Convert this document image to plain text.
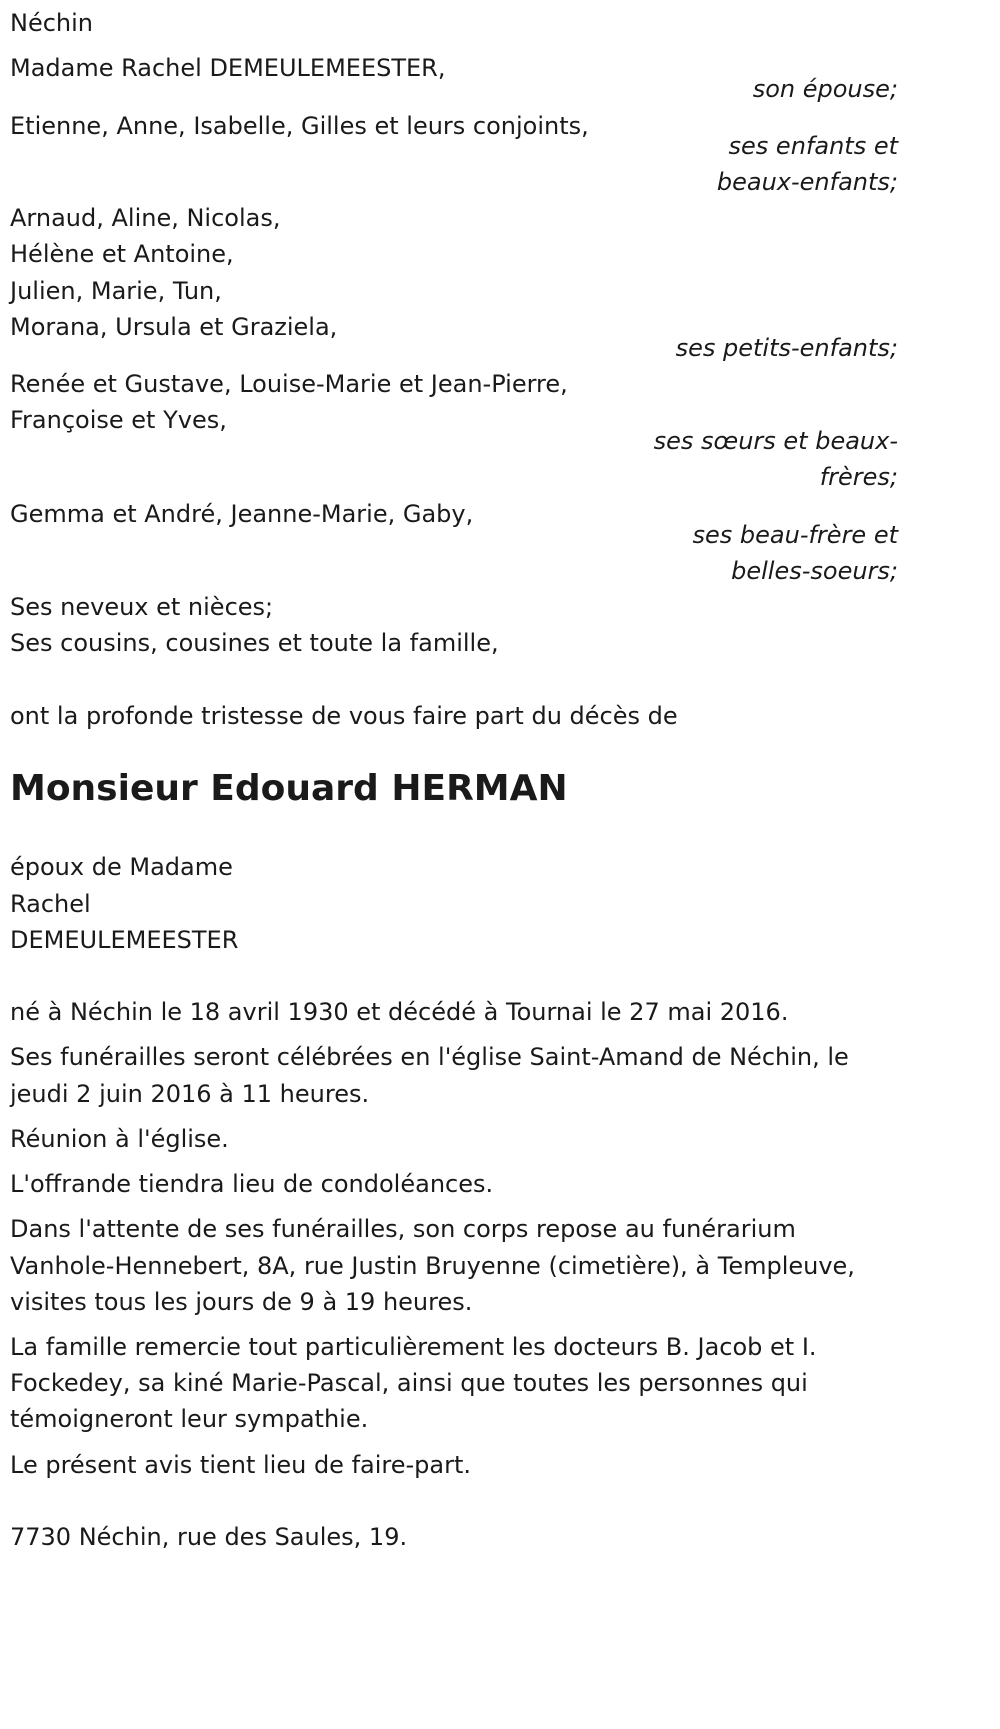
Néchin

Madame Rachel DEMEULEMEESTER,

son épouse;

Etienne, Anne, Isabelle, Gilles et leurs conjoints,

ses enfants et

beaux-enfants;

Arnaud, Aline, Nicolas,

Hélène et Antoine,

Julien, Marie, Tun,

Morana, Ursula et Graziela,

ses petits-enfants;

Renée et Gustave, Louise-Marie et Jean-Pierre,

Françoise et Yves,

ses sœurs et beaux-

frères;

Gemma et André, Jeanne-Marie, Gaby,

ses beau-frère et

belles-soeurs;

Ses neveux et nièces;

Ses cousins, cousines et toute la famille,

ont la profonde tristesse de vous faire part du décès de

Monsieur Edouard HERMAN

époux de Madame

Rachel

DEMEULEMEESTER

né à Néchin le 18 avril 1930 et décédé à Tournai le 27 mai 2016.

Ses funérailles seront célébrées en l'église Saint-Amand de Néchin, le

jeudi 2 juin 2016 à 11 heures.

Réunion à l'église.

L'offrande tiendra lieu de condoléances.

Dans l'attente de ses funérailles, son corps repose au funérarium

Vanhole-Hennebert, 8A, rue Justin Bruyenne (cimetière), à Templeuve,

visites tous les jours de 9 à 19 heures.

La famille remercie tout particulièrement les docteurs B. Jacob et I.

Fockedey, sa kiné Marie-Pascal, ainsi que toutes les personnes qui

témoigneront leur sympathie.

Le présent avis tient lieu de faire-part.

7730 Néchin, rue des Saules, 19.
